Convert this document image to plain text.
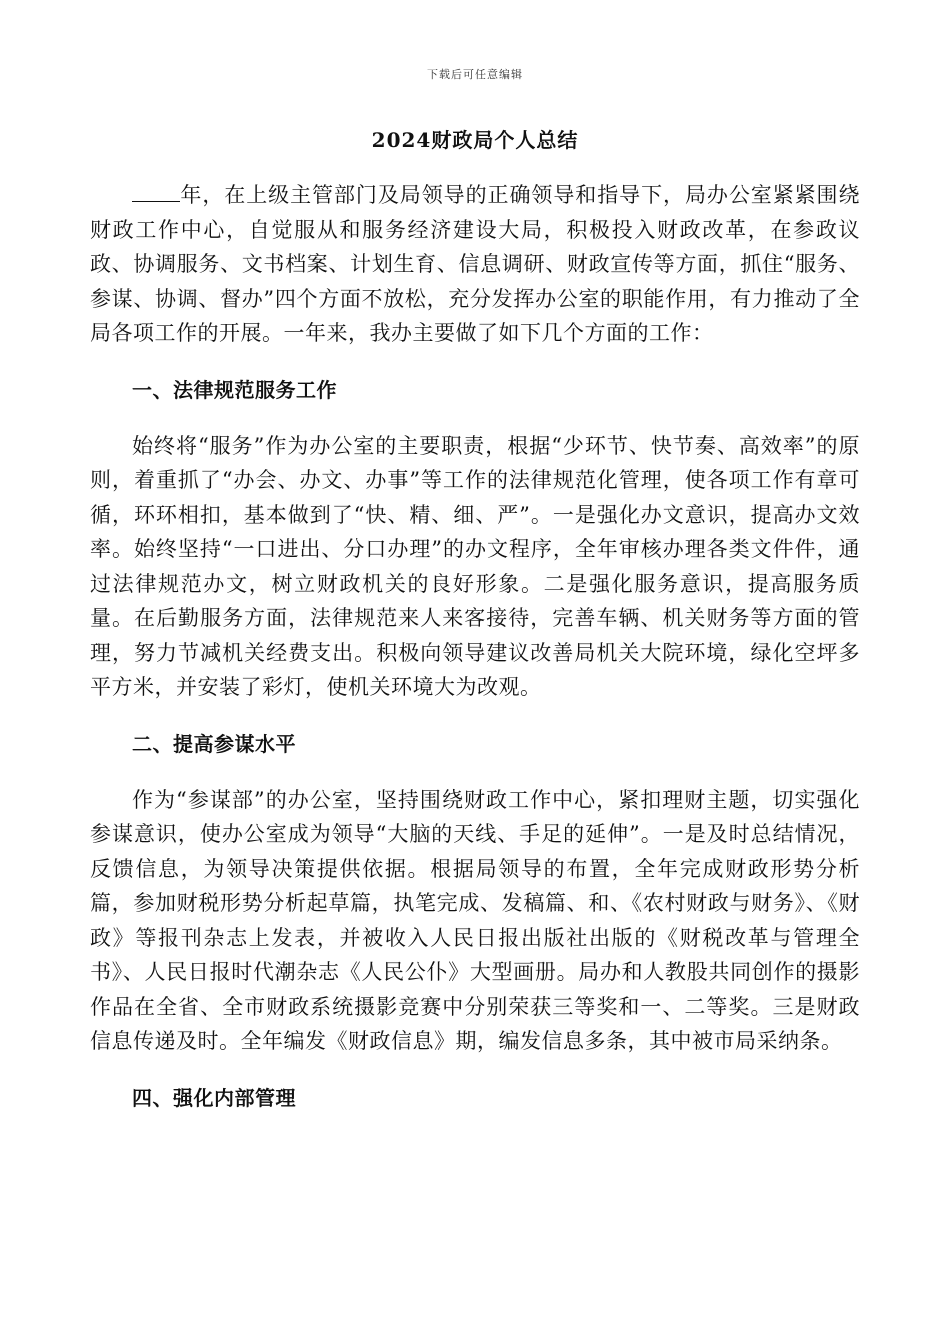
下载后可任意编辑
2024财政局个人总结

年，在上级主管部门及局领导的正确领导和指导下，局办公室紧紧围绕财政工作中心，自觉服从和服务经济建设大局，积极投入财政改革，在参政议政、协调服务、文书档案、计划生育、信息调研、财政宣传等方面，抓住“服务、参谋、协调、督办”四个方面不放松，充分发挥办公室的职能作用，有力推动了全局各项工作的开展。一年来，我办主要做了如下几个方面的工作：

一、法律规范服务工作

始终将“服务”作为办公室的主要职责，根据“少环节、快节奏、高效率”的原则，着重抓了“办会、办文、办事”等工作的法律规范化管理，使各项工作有章可循，环环相扣，基本做到了“快、精、细、严”。一是强化办文意识，提高办文效率。始终坚持“一口进出、分口办理”的办文程序，全年审核办理各类文件件，通过法律规范办文，树立财政机关的良好形象。二是强化服务意识，提高服务质量。在后勤服务方面，法律规范来人来客接待，完善车辆、机关财务等方面的管理，努力节减机关经费支出。积极向领导建议改善局机关大院环境，绿化空坪多平方米，并安装了彩灯，使机关环境大为改观。

二、提高参谋水平

作为“参谋部”的办公室，坚持围绕财政工作中心，紧扣理财主题，切实强化参谋意识，使办公室成为领导“大脑的天线、手足的延伸”。一是及时总结情况，反馈信息，为领导决策提供依据。根据局领导的布置，全年完成财政形势分析篇，参加财税形势分析起草篇，执笔完成、发稿篇、和、《农村财政与财务》、《财政》等报刊杂志上发表，并被收入人民日报出版社出版的《财税改革与管理全书》、人民日报时代潮杂志《人民公仆》大型画册。局办和人教股共同创作的摄影作品在全省、全市财政系统摄影竞赛中分别荣获三等奖和一、二等奖。三是财政信息传递及时。全年编发《财政信息》期，编发信息多条，其中被市局采纳条。

四、强化内部管理
